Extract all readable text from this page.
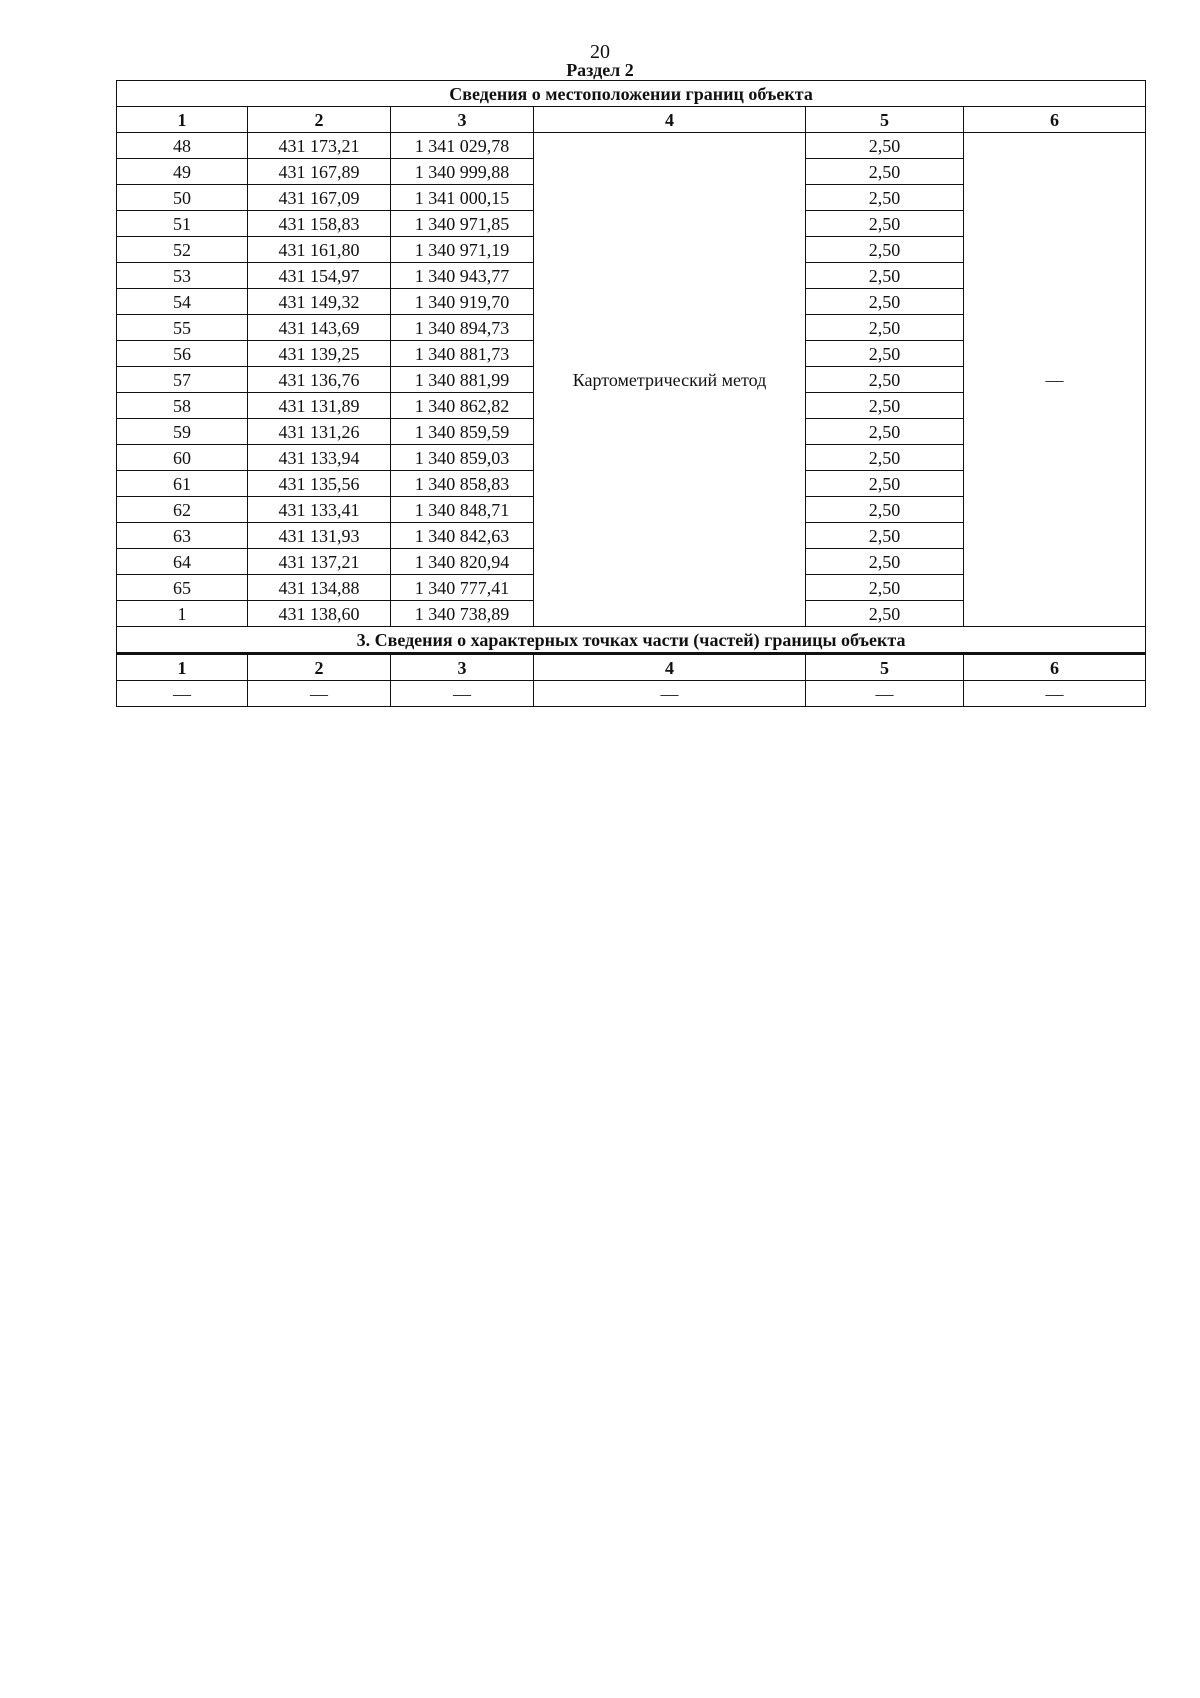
20
Раздел 2
Сведения о местоположении границ объекта					
1	2	3	4	5	6
48	431 173,21	1 341 029,78	Картометрический метод	2,50	—
49	431 167,89	1 340 999,88		2,50	
50	431 167,09	1 341 000,15		2,50	
51	431 158,83	1 340 971,85		2,50	
52	431 161,80	1 340 971,19		2,50	
53	431 154,97	1 340 943,77		2,50	
54	431 149,32	1 340 919,70		2,50	
55	431 143,69	1 340 894,73		2,50	
56	431 139,25	1 340 881,73		2,50	
57	431 136,76	1 340 881,99		2,50	
58	431 131,89	1 340 862,82		2,50	
59	431 131,26	1 340 859,59		2,50	
60	431 133,94	1 340 859,03		2,50	
61	431 135,56	1 340 858,83		2,50	
62	431 133,41	1 340 848,71		2,50	
63	431 131,93	1 340 842,63		2,50	
64	431 137,21	1 340 820,94		2,50	
65	431 134,88	1 340 777,41		2,50	
1	431 138,60	1 340 738,89		2,50	
3. Сведения о характерных точках части (частей) границы объекта					
1	2	3	4	5	6
—	—	—	—	—	—
